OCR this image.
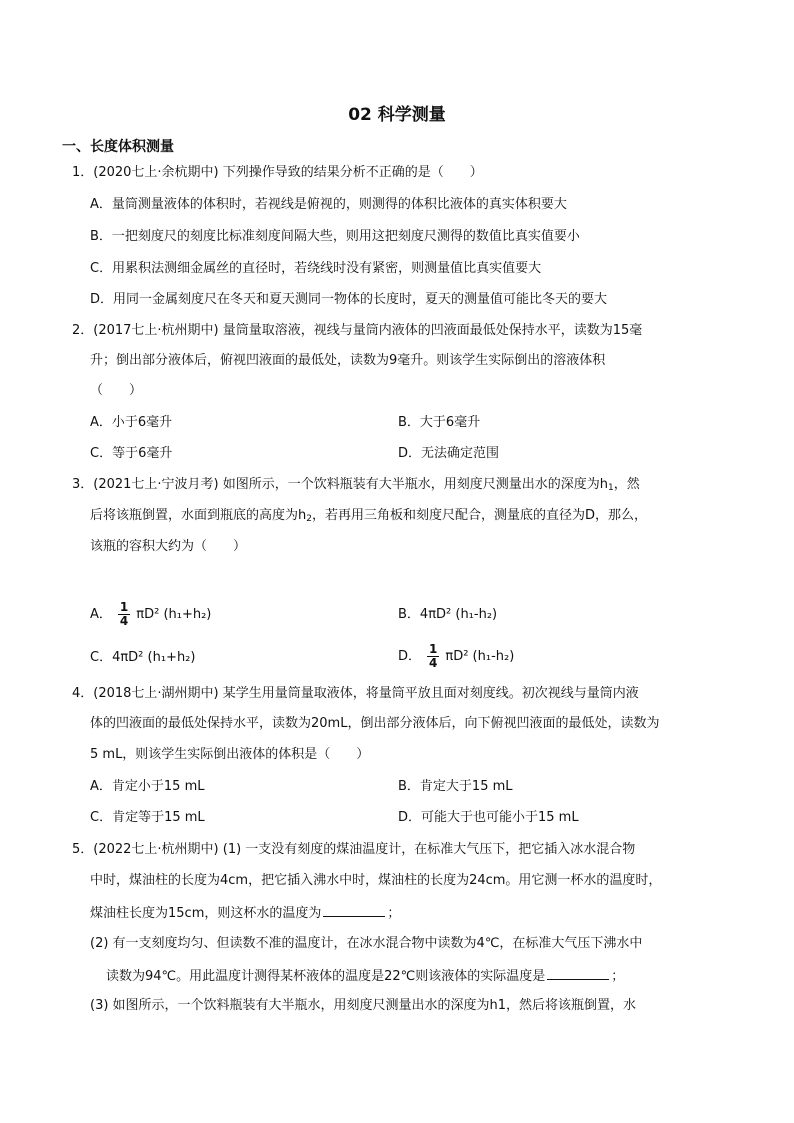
02 科学测量
一、长度体积测量
1．(2020七上·余杭期中) 下列操作导致的结果分析不正确的是（　　）
A．量筒测量液体的体积时，若视线是俯视的，则测得的体积比液体的真实体积要大
B．一把刻度尺的刻度比标准刻度间隔大些，则用这把刻度尺测得的数值比真实值要小
C．用累积法测细金属丝的直径时，若绕线时没有紧密，则测量值比真实值要大
D．用同一金属刻度尺在冬天和夏天测同一物体的长度时，夏天的测量值可能比冬天的要大
2．(2017七上·杭州期中) 量筒量取溶液，视线与量筒内液体的凹液面最低处保持水平，读数为15毫
升；倒出部分液体后，俯视凹液面的最低处，读数为9毫升。则该学生实际倒出的溶液体积
（　　）
A．小于6毫升	B．大于6毫升
C．等于6毫升	D．无法确定范围
3．(2021七上·宁波月考) 如图所示，一个饮料瓶装有大半瓶水，用刻度尺测量出水的深度为$h_1$，然
后将该瓶倒置，水面到瓶底的高度为$h_2$，若再用三角板和刻度尺配合，测量底的直径为D，那么，
该瓶的容积大约为（　　）
A． $\frac{1}{4} \pi D^2$ (h₁+h₂)	B．4πD² (h₁-h₂)
C．4πD² (h₁+h₂)	D． $\frac{1}{4} \pi D^2$ (h₁-h₂)
4．(2018七上·湖州期中) 某学生用量筒量取液体，将量筒平放且面对刻度线。初次视线与量筒内液
体的凹液面的最低处保持水平，读数为20mL，倒出部分液体后，向下俯视凹液面的最低处，读数为
5 mL，则该学生实际倒出液体的体积是（　　）
A．肯定小于15 mL	B．肯定大于15 mL
C．肯定等于15 mL	D．可能大于也可能小于15 mL
5．(2022七上·杭州期中) (1) 一支没有刻度的煤油温度计，在标准大气压下，把它插入冰水混合物
中时，煤油柱的长度为4cm，把它插入沸水中时，煤油柱的长度为24cm。用它测一杯水的温度时，
煤油柱长度为15cm，则这杯水的温度为	；
(2) 有一支刻度均匀、但读数不准的温度计，在冰水混合物中读数为4℃，在标准大气压下沸水中
读数为94℃。用此温度计测得某杯液体的温度是22℃则该液体的实际温度是	；
(3) 如图所示，一个饮料瓶装有大半瓶水，用刻度尺测量出水的深度为h1，然后将该瓶倒置，水
